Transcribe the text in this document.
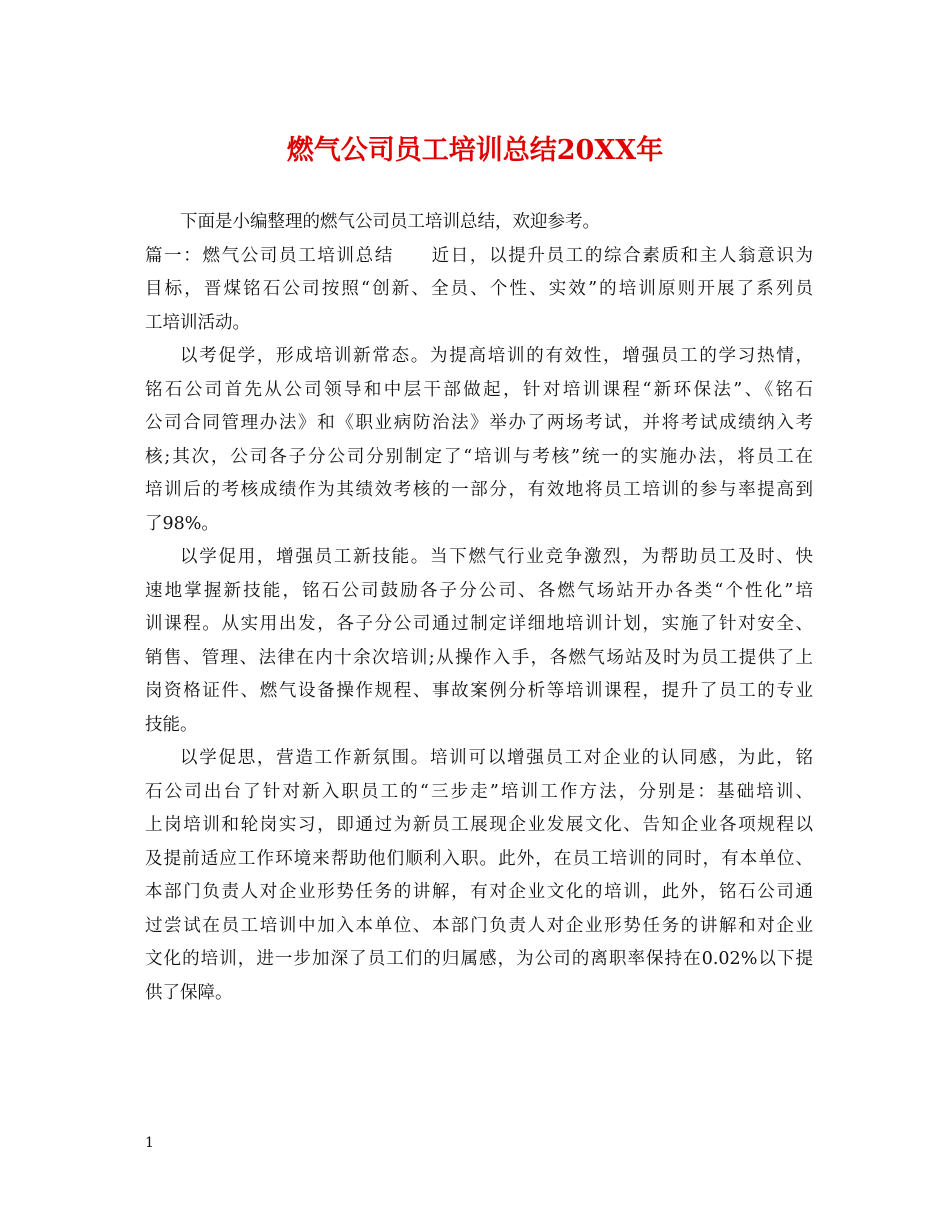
燃气公司员工培训总结20XX年
下面是小编整理的燃气公司员工培训总结，欢迎参考。
篇一：燃气公司员工培训总结 近日，以提升员工的综合素质和主人翁意识为
目标，晋煤铭石公司按照“创新、全员、个性、实效”的培训原则开展了系列员
工培训活动。
以考促学，形成培训新常态。为提高培训的有效性，增强员工的学习热情，
铭石公司首先从公司领导和中层干部做起，针对培训课程“新环保法”、《铭石
公司合同管理办法》和《职业病防治法》举办了两场考试，并将考试成绩纳入考
核;其次，公司各子分公司分别制定了“培训与考核”统一的实施办法，将员工在
培训后的考核成绩作为其绩效考核的一部分，有效地将员工培训的参与率提高到
了98%。
以学促用，增强员工新技能。当下燃气行业竞争激烈，为帮助员工及时、快
速地掌握新技能，铭石公司鼓励各子分公司、各燃气场站开办各类“个性化”培
训课程。从实用出发，各子分公司通过制定详细地培训计划，实施了针对安全、
销售、管理、法律在内十余次培训;从操作入手，各燃气场站及时为员工提供了上
岗资格证件、燃气设备操作规程、事故案例分析等培训课程，提升了员工的专业
技能。
以学促思，营造工作新氛围。培训可以增强员工对企业的认同感，为此，铭
石公司出台了针对新入职员工的“三步走”培训工作方法，分别是：基础培训、
上岗培训和轮岗实习，即通过为新员工展现企业发展文化、告知企业各项规程以
及提前适应工作环境来帮助他们顺利入职。此外，在员工培训的同时，有本单位、
本部门负责人对企业形势任务的讲解，有对企业文化的培训，此外，铭石公司通
过尝试在员工培训中加入本单位、本部门负责人对企业形势任务的讲解和对企业
文化的培训，进一步加深了员工们的归属感，为公司的离职率保持在0.02%以下提
供了保障。
1
